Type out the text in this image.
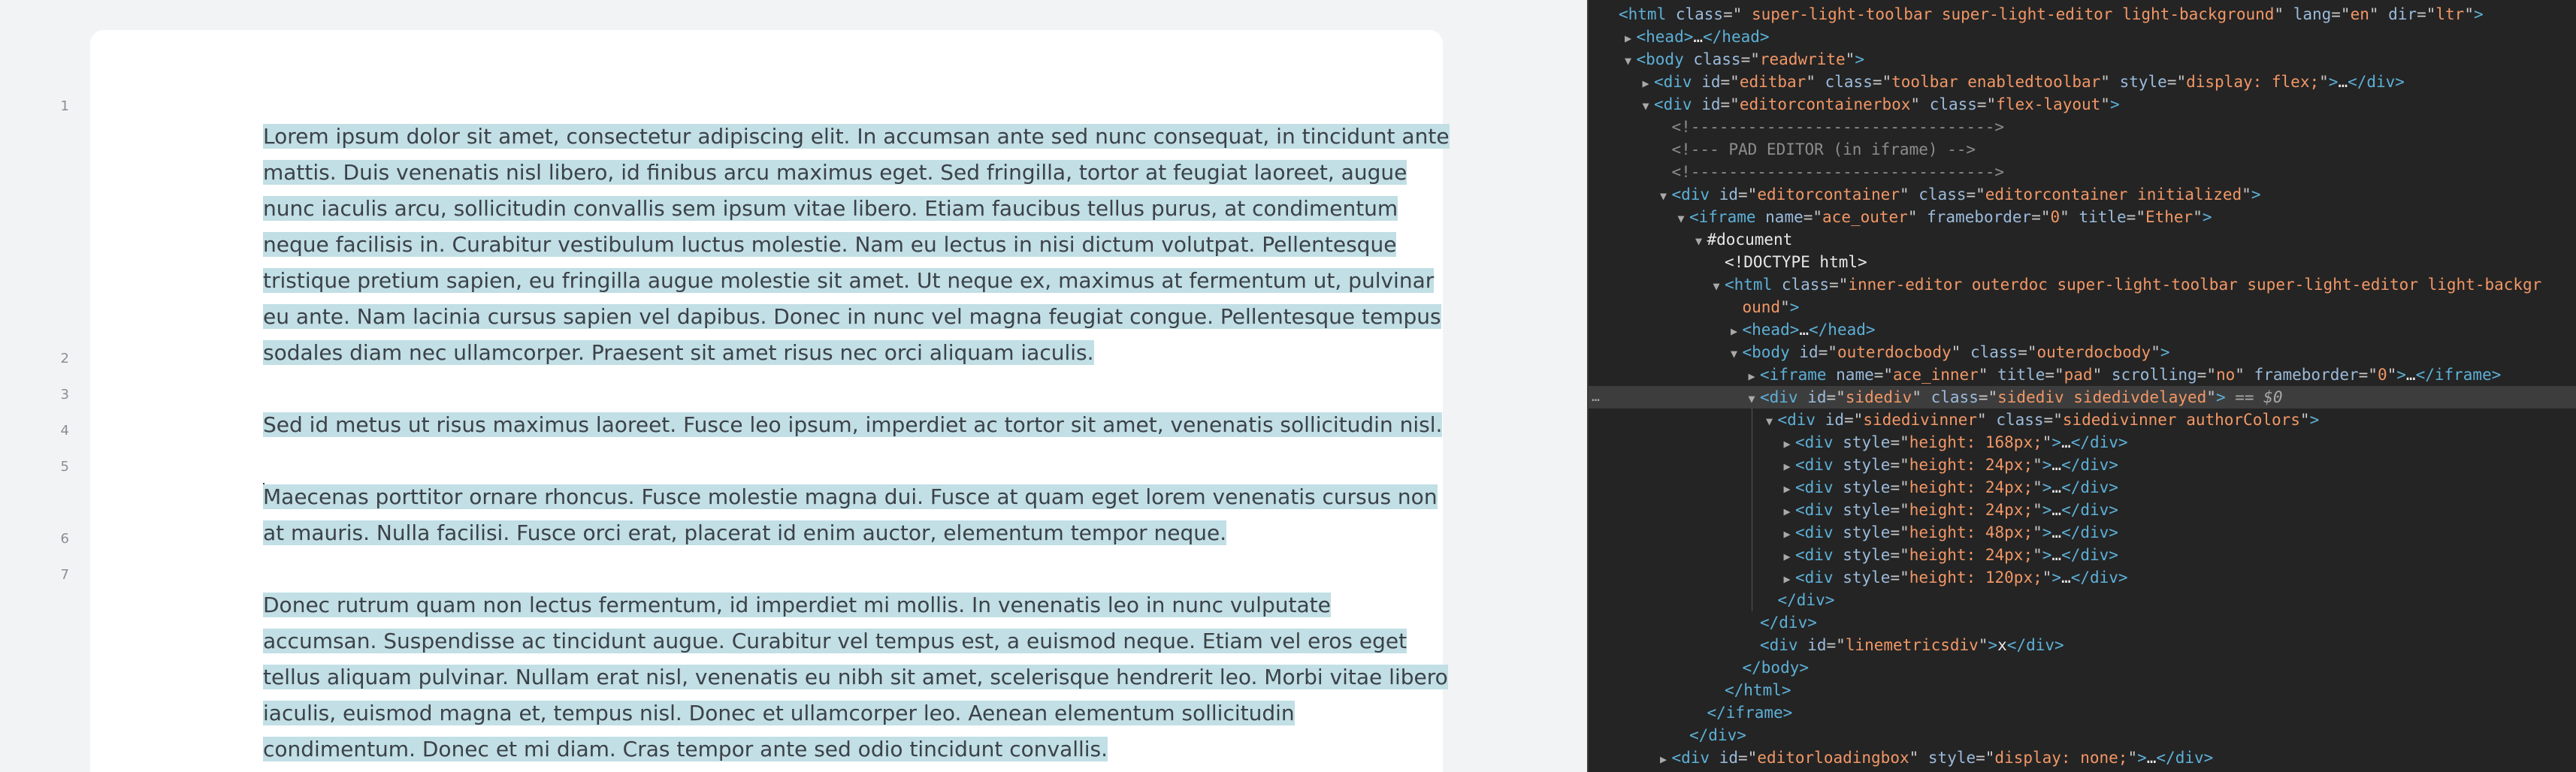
1
2
3
4
5
6
7

Lorem ipsum dolor sit amet, consectetur adipiscing elit. In accumsan ante sed nunc consequat, in tincidunt ante mattis. Duis venenatis nisl libero, id finibus arcu maximus eget. Sed fringilla, tortor at feugiat laoreet, augue nunc iaculis arcu, sollicitudin convallis sem ipsum vitae libero. Etiam faucibus tellus purus, at condimentum neque facilisis in. Curabitur vestibulum luctus molestie. Nam eu lectus in nisi dictum volutpat. Pellentesque tristique pretium sapien, eu fringilla augue molestie sit amet. Ut neque ex, maximus at fermentum ut, pulvinar eu ante. Nam lacinia cursus sapien vel dapibus. Donec in nunc vel magna feugiat congue. Pellentesque tempus sodales diam nec ullamcorper. Praesent sit amet risus nec orci aliquam iaculis.

Sed id metus ut risus maximus laoreet. Fusce leo ipsum, imperdiet ac tortor sit amet, venenatis sollicitudin nisl.

Maecenas porttitor ornare rhoncus. Fusce molestie magna dui. Fusce at quam eget lorem venenatis cursus non at mauris. Nulla facilisi. Fusce orci erat, placerat id enim auctor, elementum tempor neque.

Donec rutrum quam non lectus fermentum, id imperdiet mi mollis. In venenatis leo in nunc vulputate accumsan. Suspendisse ac tincidunt augue. Curabitur vel tempus est, a euismod neque. Etiam vel eros eget tellus aliquam pulvinar. Nullam erat nisl, venenatis eu nibh sit amet, scelerisque hendrerit leo. Morbi vitae libero iaculis, euismod magna et, tempus nisl. Donec et ullamcorper leo. Aenean elementum sollicitudin condimentum. Donec et mi diam. Cras tempor ante sed odio tincidunt convallis.

<html class=" super-light-toolbar super-light-editor light-background" lang="en" dir="ltr">
▶ <head>…</head>
▼ <body class="readwrite">
▶ <div id="editbar" class="toolbar enabledtoolbar" style="display: flex;">…</div>
▼ <div id="editorcontainerbox" class="flex-layout">
<!-------------------------------->
<!--- PAD EDITOR (in iframe) -->
<!-------------------------------->
▼ <div id="editorcontainer" class="editorcontainer initialized">
▼ <iframe name="ace_outer" frameborder="0" title="Ether">
▼ #document
<!DOCTYPE html>
▼ <html class="inner-editor outerdoc super-light-toolbar super-light-editor light-backgr
ound">
▶ <head>…</head>
▼ <body id="outerdocbody" class="outerdocbody">
▶ <iframe name="ace_inner" title="pad" scrolling="no" frameborder="0">…</iframe>
▼ <div id="sidediv" class="sidediv sidedivdelayed"> == $0
…
▼ <div id="sidedivinner" class="sidedivinner authorColors">
▶ <div style="height: 168px;">…</div>
▶ <div style="height: 24px;">…</div>
▶ <div style="height: 24px;">…</div>
▶ <div style="height: 24px;">…</div>
▶ <div style="height: 48px;">…</div>
▶ <div style="height: 24px;">…</div>
▶ <div style="height: 120px;">…</div>
</div>
</div>
<div id="linemetricsdiv">x</div>
</body>
</html>
</iframe>
</div>
▶ <div id="editorloadingbox" style="display: none;">…</div>
